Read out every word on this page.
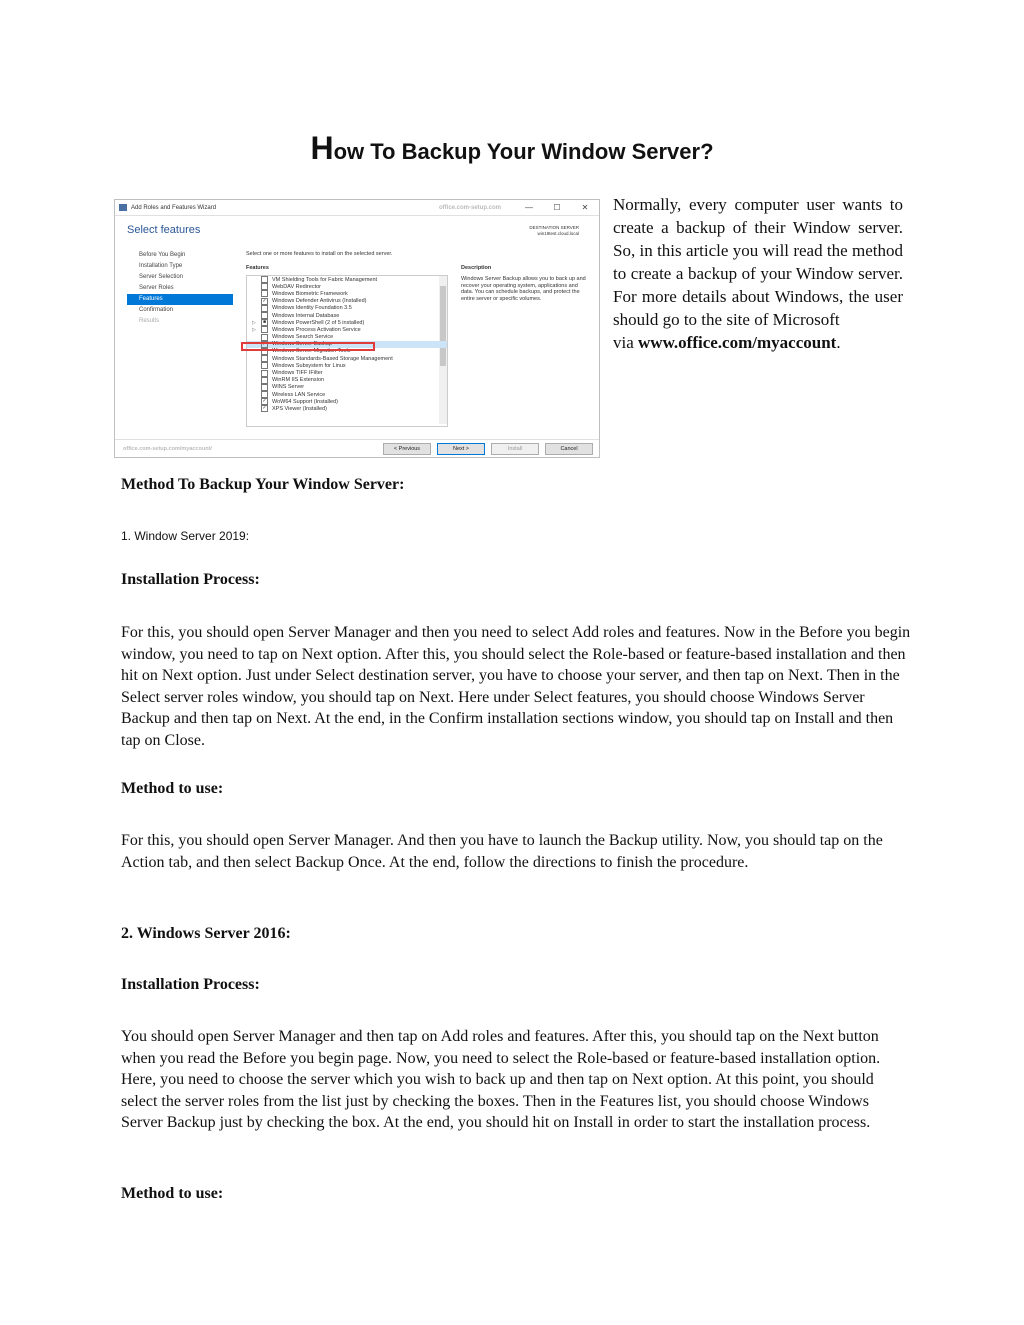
How To Backup Your Window Server?
Add Roles and Features Wizard	office.com-setup.com	—	☐	✕
Select features	DESTINATION SERVER
win19test.cloud.local
Before You Begin
Installation Type
Server Selection
Server Roles
Features
Confirmation
Results
Select one or more features to install on the selected server.
Features	Description
VM Shielding Tools for Fabric Management
WebDAV Redirector
Windows Biometric Framework
✓ Windows Defender Antivirus (Installed)
Windows Identity Foundation 3.5
Windows Internal Database
▷	■	Windows PowerShell (2 of 5 installed)
▷	Windows Process Activation Service
Windows Search Service
✓ Windows Server Backup
Windows Server Migration Tools
Windows Standards-Based Storage Management
Windows Subsystem for Linux
Windows TIFF IFilter
WinRM IIS Extension
WINS Server
Wireless LAN Service
✓ WoW64 Support (Installed)
✓ XPS Viewer (Installed)
Windows Server Backup allows you to back up and recover your operating system, applications and data. You can schedule backups, and protect the entire server or specific volumes.
office.com-setup.com/myaccount/	< Previous	Next >	Install	Cancel
Normally, every computer user wants to create a backup of their Window server. So, in this article you will read the method to create a backup of your Window server. For more details about Windows, the user should go to the site of Microsoft
via www.office.com/myaccount.
Method To Backup Your Window Server:
1. Window Server 2019:
Installation Process:
For this, you should open Server Manager and then you need to select Add roles and features. Now in the Before you begin window, you need to tap on Next option. After this, you should select the Role-based or feature-based installation and then hit on Next option. Just under Select destination server, you have to choose your server, and then tap on Next. Then in the Select server roles window, you should tap on Next. Here under Select features, you should choose Windows Server Backup and then tap on Next. At the end, in the Confirm installation sections window, you should tap on Install and then tap on Close.
Method to use:
For this, you should open Server Manager. And then you have to launch the Backup utility. Now, you should tap on the Action tab, and then select Backup Once. At the end, follow the directions to finish the procedure.
2. Windows Server 2016:
Installation Process:
You should open Server Manager and then tap on Add roles and features. After this, you should tap on the Next button when you read the Before you begin page. Now, you need to select the Role-based or feature-based installation option. Here, you need to choose the server which you wish to back up and then tap on Next option. At this point, you should select the server roles from the list just by checking the boxes. Then in the Features list, you should choose Windows Server Backup just by checking the box. At the end, you should hit on Install in order to start the installation process.
Method to use:
